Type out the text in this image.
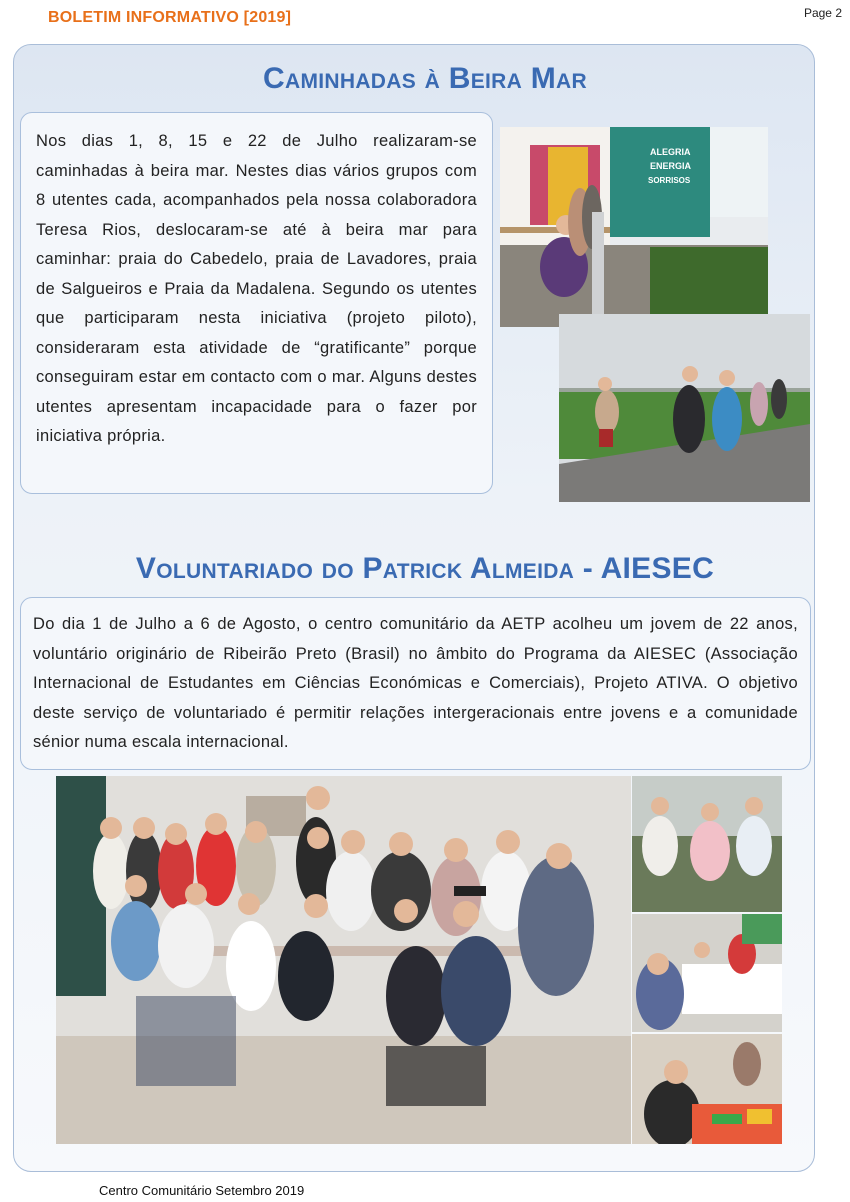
BOLETIM INFORMATIVO [2019]	Page 2
Caminhadas à Beira Mar
Nos dias 1, 8, 15 e 22 de Julho realizaram-se caminhadas à beira mar. Nestes dias vários grupos com 8 utentes cada, acompanhados pela nossa colaboradora Teresa Rios, deslocaram-se até à beira mar para caminhar: praia do Cabedelo, praia de Lavadores, praia de Salgueiros e Praia da Madalena. Segundo os utentes que participaram nesta iniciativa (projeto piloto), consideraram esta atividade de “gratificante” porque conseguiram estar em contacto com o mar. Alguns destes utentes apresentam incapacidade para o fazer por iniciativa própria.
ALEGRIA
ENERGIA
SORRISOS
Voluntariado do Patrick Almeida - AIESEC
Do dia 1 de Julho a 6 de Agosto, o centro comunitário da AETP acolheu um jovem de 22 anos, voluntário originário de Ribeirão Preto (Brasil) no âmbito do Programa da AIESEC (Associação Internacional de Estudantes em Ciências Económicas e Comerciais), Projeto ATIVA. O objetivo deste serviço de voluntariado é permitir relações intergeracionais entre jovens e a comunidade sénior numa escala internacional.
Centro Comunitário Setembro 2019
